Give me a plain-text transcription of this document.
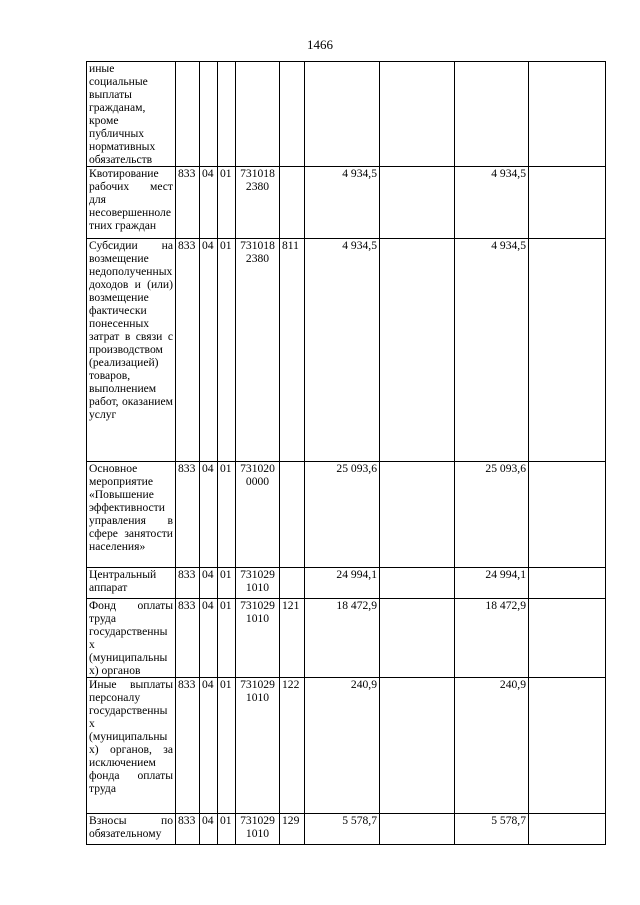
1466
иные социальные выплаты гражданам, кроме публичных нормативных обязательств									
Квотирование рабочих мест для несовершеннолетних граждан	833	04	01	731018 2380		4 934,5		4 934,5	
Субсидии на возмещение недополученных доходов и (или) возмещение фактически понесенных затрат в связи с производством (реализацией) товаров, выполнением работ, оказанием услуг	833	04	01	731018 2380	811	4 934,5		4 934,5	
Основное мероприятие «Повышение эффективности управления в сфере занятости населения»	833	04	01	731020 0000		25 093,6		25 093,6	
Центральный аппарат	833	04	01	731029 1010		24 994,1		24 994,1	
Фонд оплаты труда государственных (муниципальных) органов	833	04	01	731029 1010	121	18 472,9		18 472,9	
Иные выплаты персоналу государственных (муниципальных) органов, за исключением фонда оплаты труда	833	04	01	731029 1010	122	240,9		240,9	
Взносы по обязательному	833	04	01	731029 1010	129	5 578,7		5 578,7	
